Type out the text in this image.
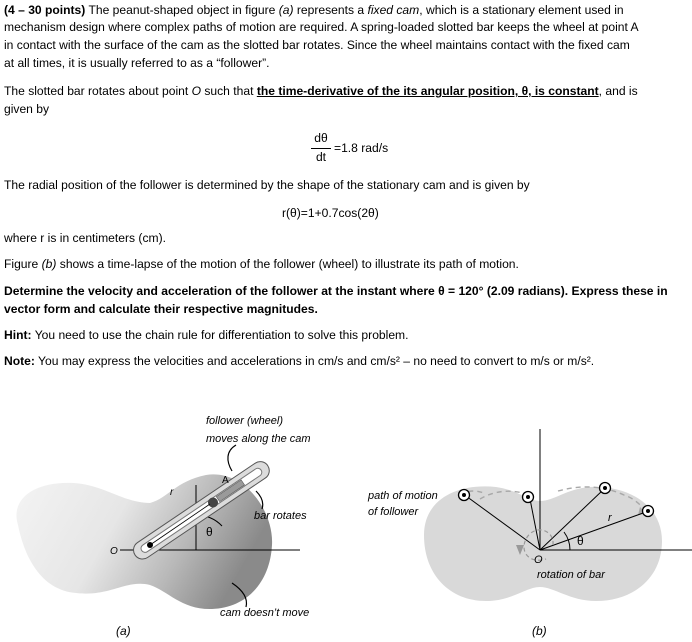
(4 – 30 points) The peanut-shaped object in figure (a) represents a fixed cam, which is a stationary element used in

mechanism design where complex paths of motion are required. A spring-loaded slotted bar keeps the wheel at point A

in contact with the surface of the cam as the slotted bar rotates. Since the wheel maintains contact with the fixed cam

at all times, it is usually referred to as a “follower”.

The slotted bar rotates about point O such that the time-derivative of the its angular position, θ, is constant, and is

given by

dθ
dt
=1.8 rad/s

The radial position of the follower is determined by the shape of the stationary cam and is given by

r(θ)=1+0.7cos(2θ)

where r is in centimeters (cm).

Figure (b) shows a time-lapse of the motion of the follower (wheel) to illustrate its path of motion.

Determine the velocity and acceleration of the follower at the instant where θ = 120° (2.09 radians). Express these in

vector form and calculate their respective magnitudes.

Hint: You need to use the chain rule for differentiation to solve this problem.

Note: You may express the velocities and accelerations in cm/s and cm/s² – no need to convert to m/s or m/s².

θ
r
A
O
follower (wheel)
moves along the cam
bar rotates
cam doesn’t move
(a)
θ
r
O
path of motion
of follower
rotation of bar
(b)
